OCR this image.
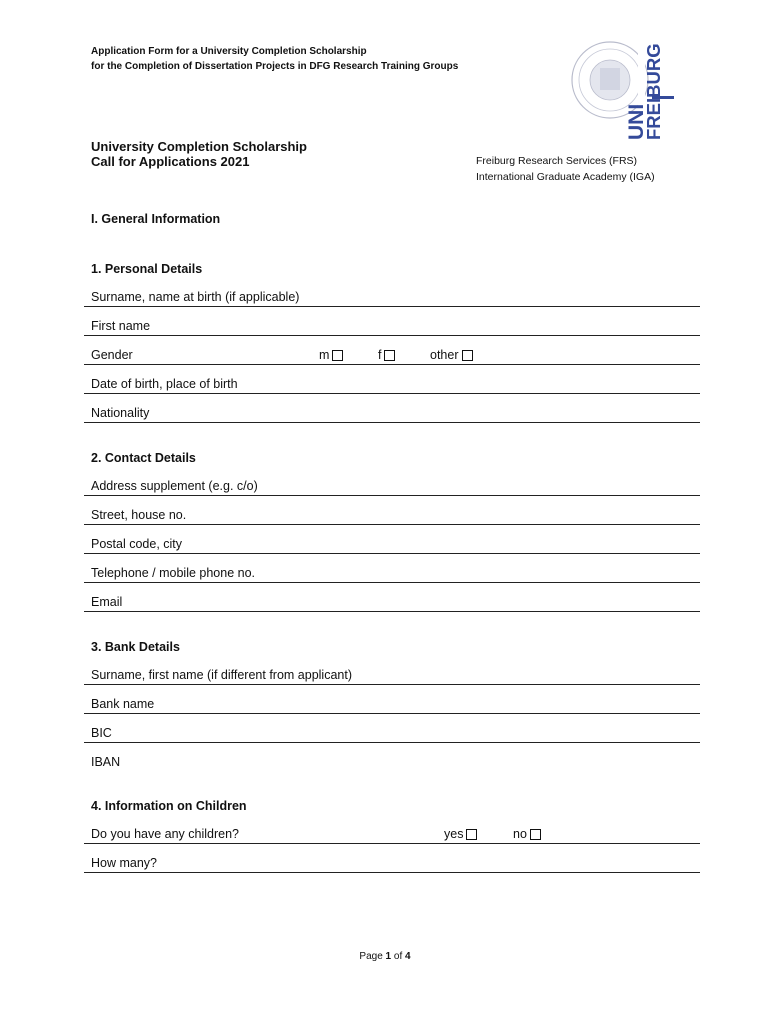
Application Form for a University Completion Scholarship
for the Completion of Dissertation Projects in DFG Research Training Groups
UNI
FREIBURG
University Completion Scholarship
Call for Applications 2021	Freiburg Research Services (FRS)
International Graduate Academy (IGA)
I. General Information
1. Personal Details
Surname, name at birth (if applicable)
First name
Gender	m	f	other
Date of birth, place of birth
Nationality
2. Contact Details
Address supplement (e.g. c/o)
Street, house no.
Postal code, city
Telephone / mobile phone no.
Email
3. Bank Details
Surname, first name (if different from applicant)
Bank name
BIC
IBAN
4. Information on Children
Do you have any children?	yes	no
How many?
Page 1 of 4
